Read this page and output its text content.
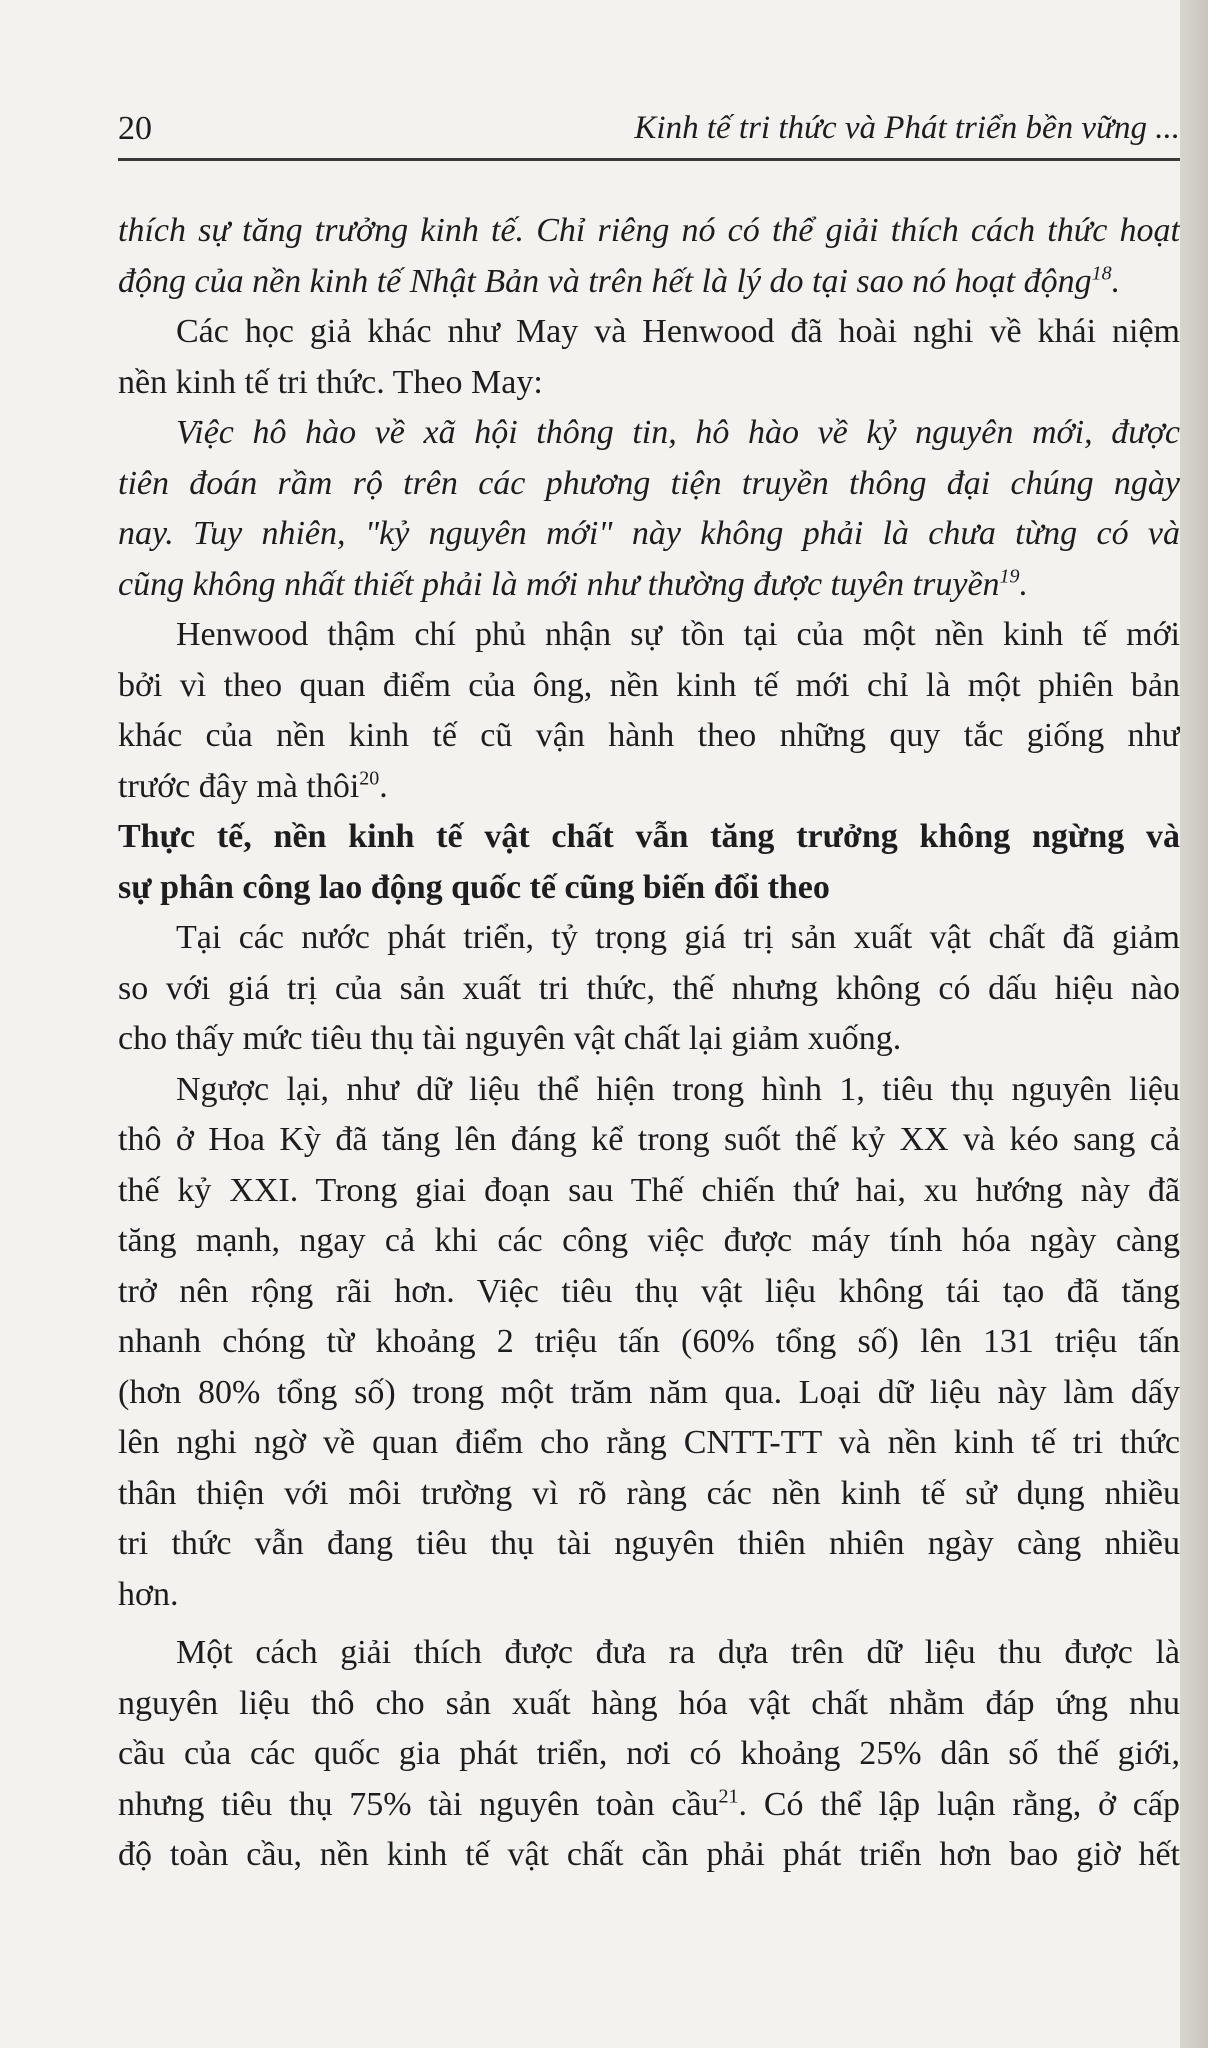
20	Kinh tế tri thức và Phát triển bền vững ...
thích sự tăng trưởng kinh tế. Chỉ riêng nó có thể giải thích cách thức hoạt
động của nền kinh tế Nhật Bản và trên hết là lý do tại sao nó hoạt động$^{18}$.
Các học giả khác như May và Henwood đã hoài nghi về khái niệm
nền kinh tế tri thức. Theo May:
Việc hô hào về xã hội thông tin, hô hào về kỷ nguyên mới, được
tiên đoán rầm rộ trên các phương tiện truyền thông đại chúng ngày
nay. Tuy nhiên, "kỷ nguyên mới" này không phải là chưa từng có và
cũng không nhất thiết phải là mới như thường được tuyên truyền$^{19}$.
Henwood thậm chí phủ nhận sự tồn tại của một nền kinh tế mới
bởi vì theo quan điểm của ông, nền kinh tế mới chỉ là một phiên bản
khác của nền kinh tế cũ vận hành theo những quy tắc giống như
trước đây mà thôi$^{20}$.
Thực tế, nền kinh tế vật chất vẫn tăng trưởng không ngừng và
sự phân công lao động quốc tế cũng biến đổi theo
Tại các nước phát triển, tỷ trọng giá trị sản xuất vật chất đã giảm
so với giá trị của sản xuất tri thức, thế nhưng không có dấu hiệu nào
cho thấy mức tiêu thụ tài nguyên vật chất lại giảm xuống.
Ngược lại, như dữ liệu thể hiện trong hình 1, tiêu thụ nguyên liệu
thô ở Hoa Kỳ đã tăng lên đáng kể trong suốt thế kỷ XX và kéo sang cả
thế kỷ XXI. Trong giai đoạn sau Thế chiến thứ hai, xu hướng này đã
tăng mạnh, ngay cả khi các công việc được máy tính hóa ngày càng
trở nên rộng rãi hơn. Việc tiêu thụ vật liệu không tái tạo đã tăng
nhanh chóng từ khoảng 2 triệu tấn (60% tổng số) lên 131 triệu tấn
(hơn 80% tổng số) trong một trăm năm qua. Loại dữ liệu này làm dấy
lên nghi ngờ về quan điểm cho rằng CNTT-TT và nền kinh tế tri thức
thân thiện với môi trường vì rõ ràng các nền kinh tế sử dụng nhiều
tri thức vẫn đang tiêu thụ tài nguyên thiên nhiên ngày càng nhiều
hơn.
Một cách giải thích được đưa ra dựa trên dữ liệu thu được là
nguyên liệu thô cho sản xuất hàng hóa vật chất nhằm đáp ứng nhu
cầu của các quốc gia phát triển, nơi có khoảng 25% dân số thế giới,
nhưng tiêu thụ 75% tài nguyên toàn cầu$^{21}$. Có thể lập luận rằng, ở cấp
độ toàn cầu, nền kinh tế vật chất cần phải phát triển hơn bao giờ hết
